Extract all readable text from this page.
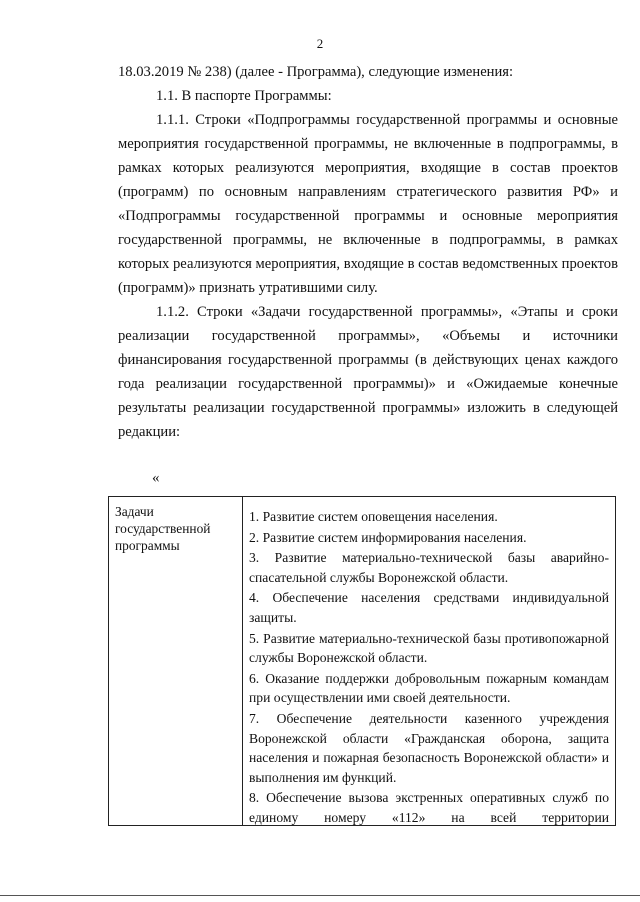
2

18.03.2019 № 238) (далее - Программа), следующие изменения:

1.1. В паспорте Программы:

1.1.1. Строки «Подпрограммы государственной программы и основные мероприятия государственной программы, не включенные в подпрограммы, в рамках которых реализуются мероприятия, входящие в состав проектов (программ) по основным направлениям стратегического развития РФ» и «Подпрограммы государственной программы и основные мероприятия государственной программы, не включенные в подпрограммы, в рамках которых реализуются мероприятия, входящие в состав ведомственных проектов (программ)» признать утратившими силу.

1.1.2. Строки «Задачи государственной программы», «Этапы и сроки реализации государственной программы», «Объемы и источники финансирования государственной программы (в действующих ценах каждого года реализации государственной программы)» и «Ожидаемые конечные результаты реализации государственной программы» изложить в следующей редакции:

«
Задачи государственной программы

1. Развитие систем оповещения населения.

2. Развитие систем информирования населения.

3. Развитие материально-технической базы аварийно-спасательной службы Воронежской области.

4. Обеспечение населения средствами индивидуальной защиты.

5. Развитие материально-технической базы противопожарной службы Воронежской области.

6. Оказание поддержки добровольным пожарным командам при осуществлении ими своей деятельности.

7. Обеспечение деятельности казенного учреждения Воронежской области «Гражданская оборона, защита населения и пожарная безопасность Воронежской области» и выполнения им функций.

8. Обеспечение вызова экстренных оперативных служб по единому номеру «112» на всей территории
